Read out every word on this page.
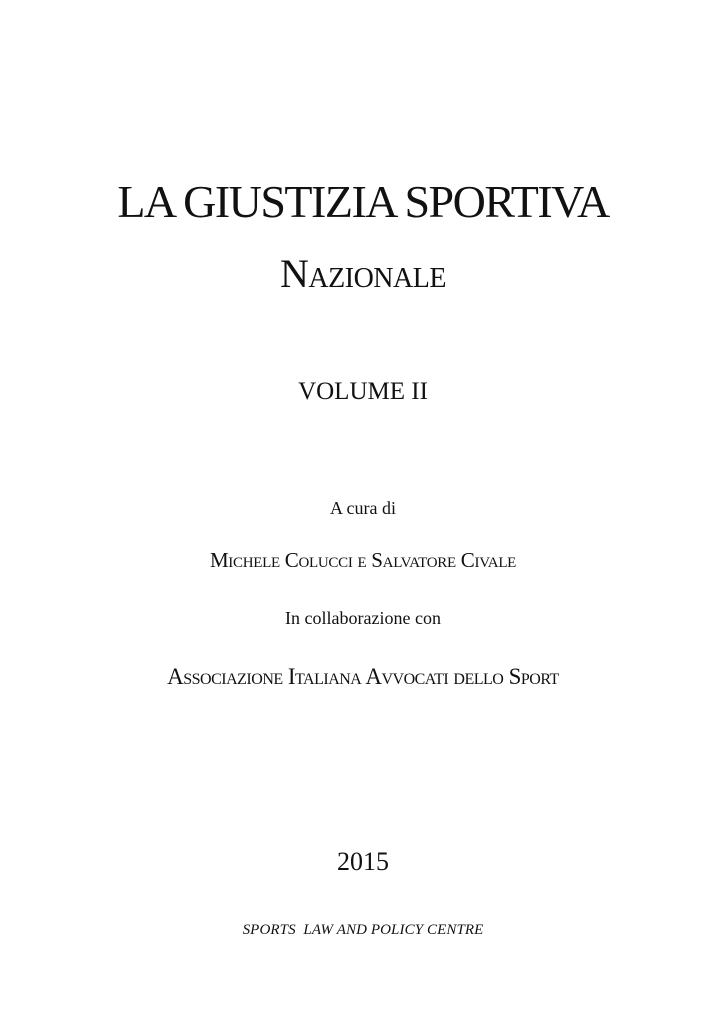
LA GIUSTIZIA SPORTIVA
Nazionale
VOLUME II
A cura di
Michele Colucci e Salvatore Civale
In collaborazione con
Associazione Italiana Avvocati dello Sport
2015
SPORTS  LAW AND POLICY CENTRE
